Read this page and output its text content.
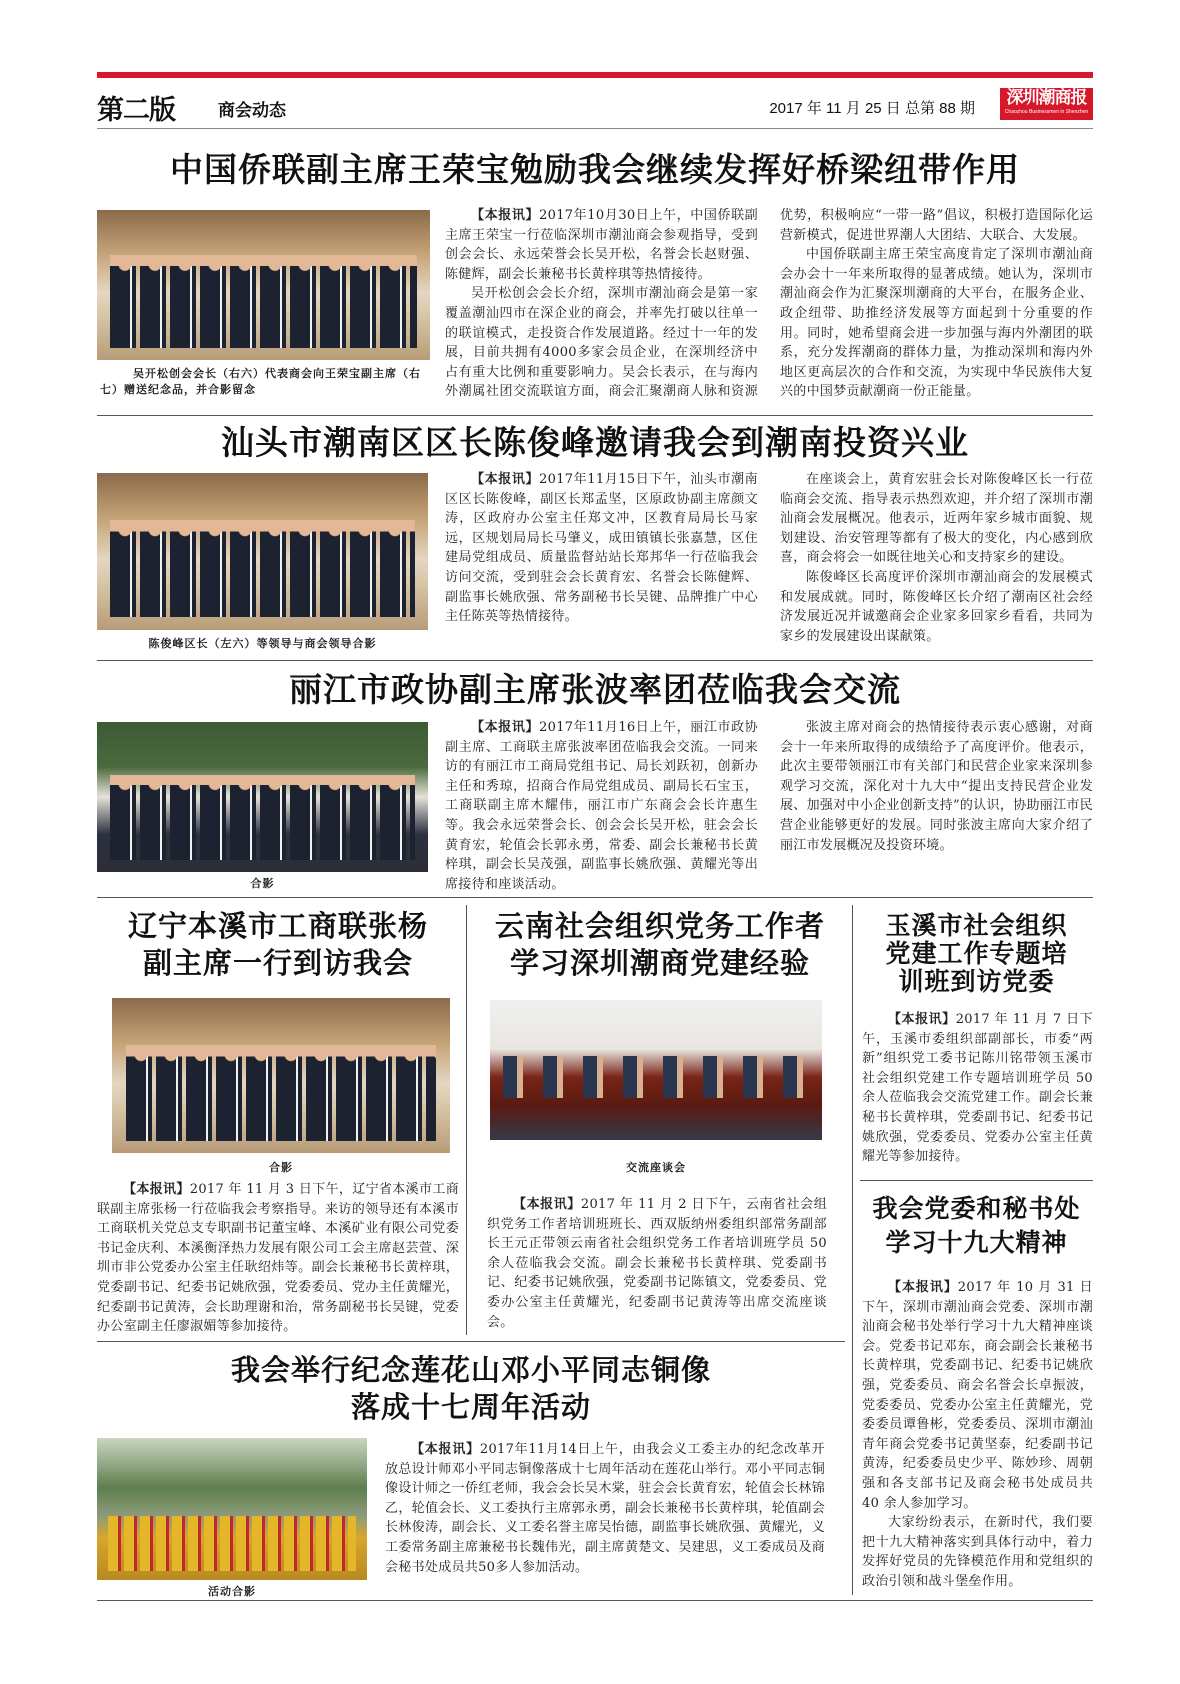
第二版	商会动态	2017 年 11 月 25 日 总第 88 期
深圳潮商报
Chaozhou Businessmen in Shenzhen
中国侨联副主席王荣宝勉励我会继续发挥好桥梁纽带作用
吴开松创会会长（右六）代表商会向王荣宝副主席（右七）赠送纪念品，并合影留念

【本报讯】2017年10月30日上午，中国侨联副主席王荣宝一行莅临深圳市潮汕商会参观指导，受到创会会长、永远荣誉会长吴开松，名誉会长赵财强、陈健辉，副会长兼秘书长黄梓琪等热情接待。

吴开松创会会长介绍，深圳市潮汕商会是第一家覆盖潮汕四市在深企业的商会，并率先打破以往单一的联谊模式，走投资合作发展道路。经过十一年的发展，目前共拥有4000多家会员企业，在深圳经济中占有重大比例和重要影响力。吴会长表示，在与海内外潮属社团交流联谊方面，商会汇聚潮商人脉和资源优势，积极响应“一带一路”倡议，积极打造国际化运营新模式，促进世界潮人大团结、大联合、大发展。

中国侨联副主席王荣宝高度肯定了深圳市潮汕商会办会十一年来所取得的显著成绩。她认为，深圳市潮汕商会作为汇聚深圳潮商的大平台，在服务企业、政企纽带、助推经济发展等方面起到十分重要的作用。同时，她希望商会进一步加强与海内外潮团的联系，充分发挥潮商的群体力量，为推动深圳和海内外地区更高层次的合作和交流，为实现中华民族伟大复兴的中国梦贡献潮商一份正能量。

汕头市潮南区区长陈俊峰邀请我会到潮南投资兴业
陈俊峰区长（左六）等领导与商会领导合影

【本报讯】2017年11月15日下午，汕头市潮南区区长陈俊峰，副区长郑孟坚，区原政协副主席颜文涛，区政府办公室主任郑文冲，区教育局局长马家远，区规划局局长马肇义，成田镇镇长张嘉慧，区住建局党组成员、质量监督站站长郑邦华一行莅临我会访问交流，受到驻会会长黄育宏、名誉会长陈健辉、副监事长姚欣强、常务副秘书长吴键、品牌推广中心主任陈英等热情接待。

在座谈会上，黄育宏驻会长对陈俊峰区长一行莅临商会交流、指导表示热烈欢迎，并介绍了深圳市潮汕商会发展概况。他表示，近两年家乡城市面貌、规划建设、治安管理等都有了极大的变化，内心感到欣喜，商会将会一如既往地关心和支持家乡的建设。

陈俊峰区长高度评价深圳市潮汕商会的发展模式和发展成就。同时，陈俊峰区长介绍了潮南区社会经济发展近况并诚邀商会企业家多回家乡看看，共同为家乡的发展建设出谋献策。

丽江市政协副主席张波率团莅临我会交流
合影

【本报讯】2017年11月16日上午，丽江市政协副主席、工商联主席张波率团莅临我会交流。一同来访的有丽江市工商局党组书记、局长刘跃初，创新办主任和秀琼，招商合作局党组成员、副局长石宝玉，工商联副主席木耀伟，丽江市广东商会会长许惠生等。我会永远荣誉会长、创会会长吴开松，驻会会长黄育宏，轮值会长郭永勇，常委、副会长兼秘书长黄梓琪，副会长吴茂强，副监事长姚欣强、黄耀光等出席接待和座谈活动。

张波主席对商会的热情接待表示衷心感谢，对商会十一年来所取得的成绩给予了高度评价。他表示，此次主要带领丽江市有关部门和民营企业家来深圳参观学习交流，深化对十九大中“提出支持民营企业发展、加强对中小企业创新支持”的认识，协助丽江市民营企业能够更好的发展。同时张波主席向大家介绍了丽江市发展概况及投资环境。

辽宁本溪市工商联张杨
副主席一行到访我会
合影

【本报讯】2017 年 11 月 3 日下午，辽宁省本溪市工商联副主席张杨一行莅临我会考察指导。来访的领导还有本溪市工商联机关党总支专职副书记董宝峰、本溪矿业有限公司党委书记金庆利、本溪衡泽热力发展有限公司工会主席赵芸萱、深圳市非公党委办公室主任耿绍炜等。副会长兼秘书长黄梓琪，党委副书记、纪委书记姚欣强，党委委员、党办主任黄耀光，纪委副书记黄涛，会长助理谢和治，常务副秘书长吴键，党委办公室副主任廖淑媚等参加接待。

云南社会组织党务工作者
学习深圳潮商党建经验
交流座谈会

【本报讯】2017 年 11 月 2 日下午，云南省社会组织党务工作者培训班班长、西双版纳州委组织部常务副部长王元正带领云南省社会组织党务工作者培训班学员 50 余人莅临我会交流。副会长兼秘书长黄梓琪、党委副书记、纪委书记姚欣强，党委副书记陈镇文，党委委员、党委办公室主任黄耀光，纪委副书记黄涛等出席交流座谈会。

我会举行纪念莲花山邓小平同志铜像
落成十七周年活动
活动合影

【本报讯】2017年11月14日上午，由我会义工委主办的纪念改革开放总设计师邓小平同志铜像落成十七周年活动在莲花山举行。邓小平同志铜像设计师之一侨红老师，我会会长吴木棠，驻会会长黄育宏，轮值会长林锦乙，轮值会长、义工委执行主席郭永勇，副会长兼秘书长黄梓琪，轮值副会长林俊涛，副会长、义工委名誉主席吴怡德，副监事长姚欣强、黄耀光，义工委常务副主席兼秘书长魏伟光，副主席黄楚文、吴建思，义工委成员及商会秘书处成员共50多人参加活动。

玉溪市社会组织
党建工作专题培
训班到访党委

【本报讯】2017 年 11 月 7 日下午，玉溪市委组织部副部长，市委“两新”组织党工委书记陈川铭带领玉溪市社会组织党建工作专题培训班学员 50 余人莅临我会交流党建工作。副会长兼秘书长黄梓琪，党委副书记、纪委书记姚欣强，党委委员、党委办公室主任黄耀光等参加接待。

我会党委和秘书处
学习十九大精神

【本报讯】2017 年 10 月 31 日下午，深圳市潮汕商会党委、深圳市潮汕商会秘书处举行学习十九大精神座谈会。党委书记邓东，商会副会长兼秘书长黄梓琪，党委副书记、纪委书记姚欣强，党委委员、商会名誉会长卓振波，党委委员、党委办公室主任黄耀光，党委委员谭鲁彬，党委委员、深圳市潮汕青年商会党委书记黄坚泰，纪委副书记黄涛，纪委委员史少平、陈妙珍、周朝强和各支部书记及商会秘书处成员共 40 余人参加学习。

大家纷纷表示，在新时代，我们要把十九大精神落实到具体行动中，着力发挥好党员的先锋模范作用和党组织的政治引领和战斗堡垒作用。
